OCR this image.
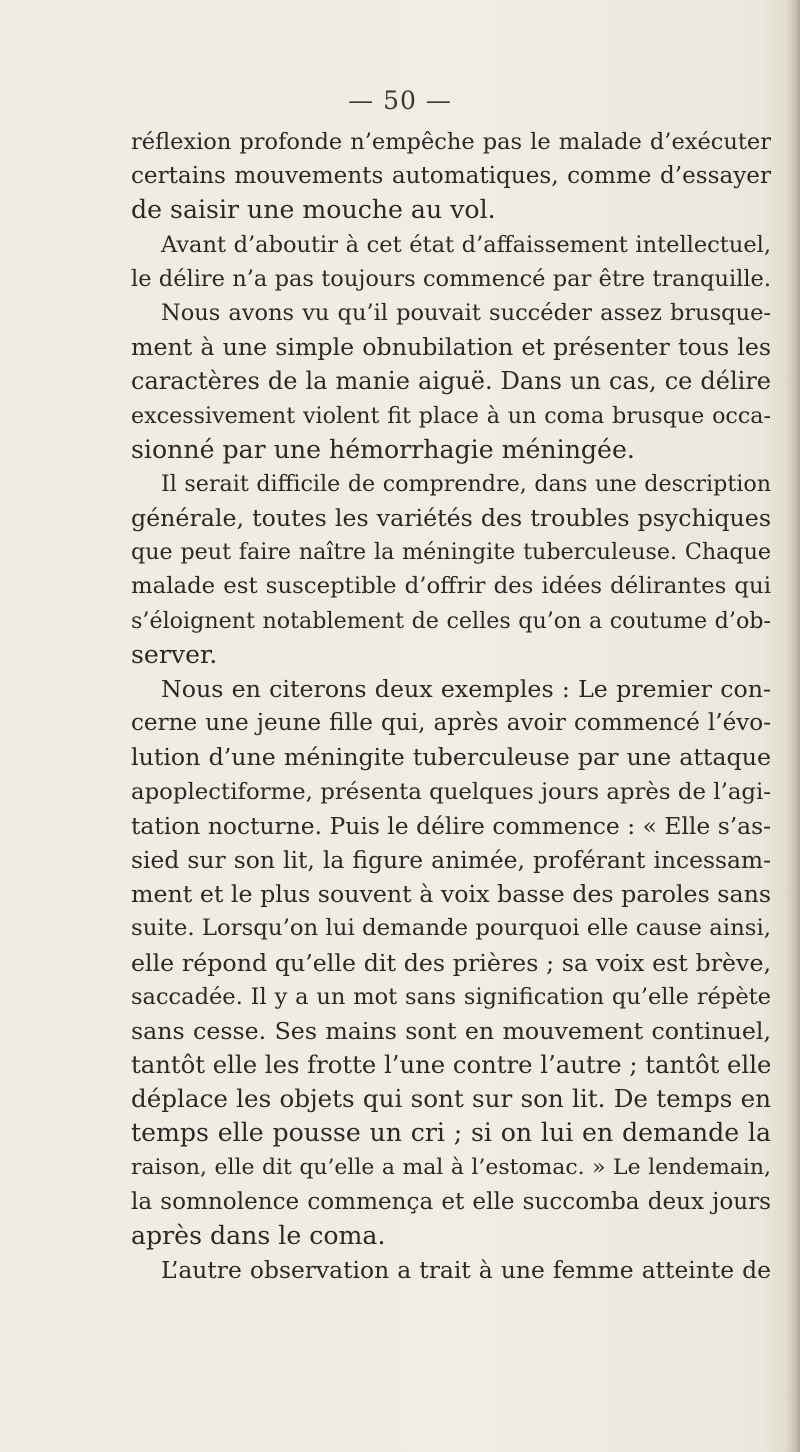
— 50 —
réflexion profonde n’empêche pas le malade d’exécuter
certains mouvements automatiques, comme d’essayer
de saisir une mouche au vol.
Avant d’aboutir à cet état d’affaissement intellectuel,
le délire n’a pas toujours commencé par être tranquille.
Nous avons vu qu’il pouvait succéder assez brusque-
ment à une simple obnubilation et présenter tous les
caractères de la manie aiguë. Dans un cas, ce délire
excessivement violent fit place à un coma brusque occa-
sionné par une hémorrhagie méningée.
Il serait difficile de comprendre, dans une description
générale, toutes les variétés des troubles psychiques
que peut faire naître la méningite tuberculeuse. Chaque
malade est susceptible d’offrir des idées délirantes qui
s’éloignent notablement de celles qu’on a coutume d’ob-
server.
Nous en citerons deux exemples : Le premier con-
cerne une jeune fille qui, après avoir commencé l’évo-
lution d’une méningite tuberculeuse par une attaque
apoplectiforme, présenta quelques jours après de l’agi-
tation nocturne. Puis le délire commence : « Elle s’as-
sied sur son lit, la figure animée, proférant incessam-
ment et le plus souvent à voix basse des paroles sans
suite. Lorsqu’on lui demande pourquoi elle cause ainsi,
elle répond qu’elle dit des prières ; sa voix est brève,
saccadée. Il y a un mot sans signification qu’elle répète
sans cesse. Ses mains sont en mouvement continuel,
tantôt elle les frotte l’une contre l’autre ; tantôt elle
déplace les objets qui sont sur son lit. De temps en
temps elle pousse un cri ; si on lui en demande la
raison, elle dit qu’elle a mal à l’estomac. » Le lendemain,
la somnolence commença et elle succomba deux jours
après dans le coma.
L’autre observation a trait à une femme atteinte de
